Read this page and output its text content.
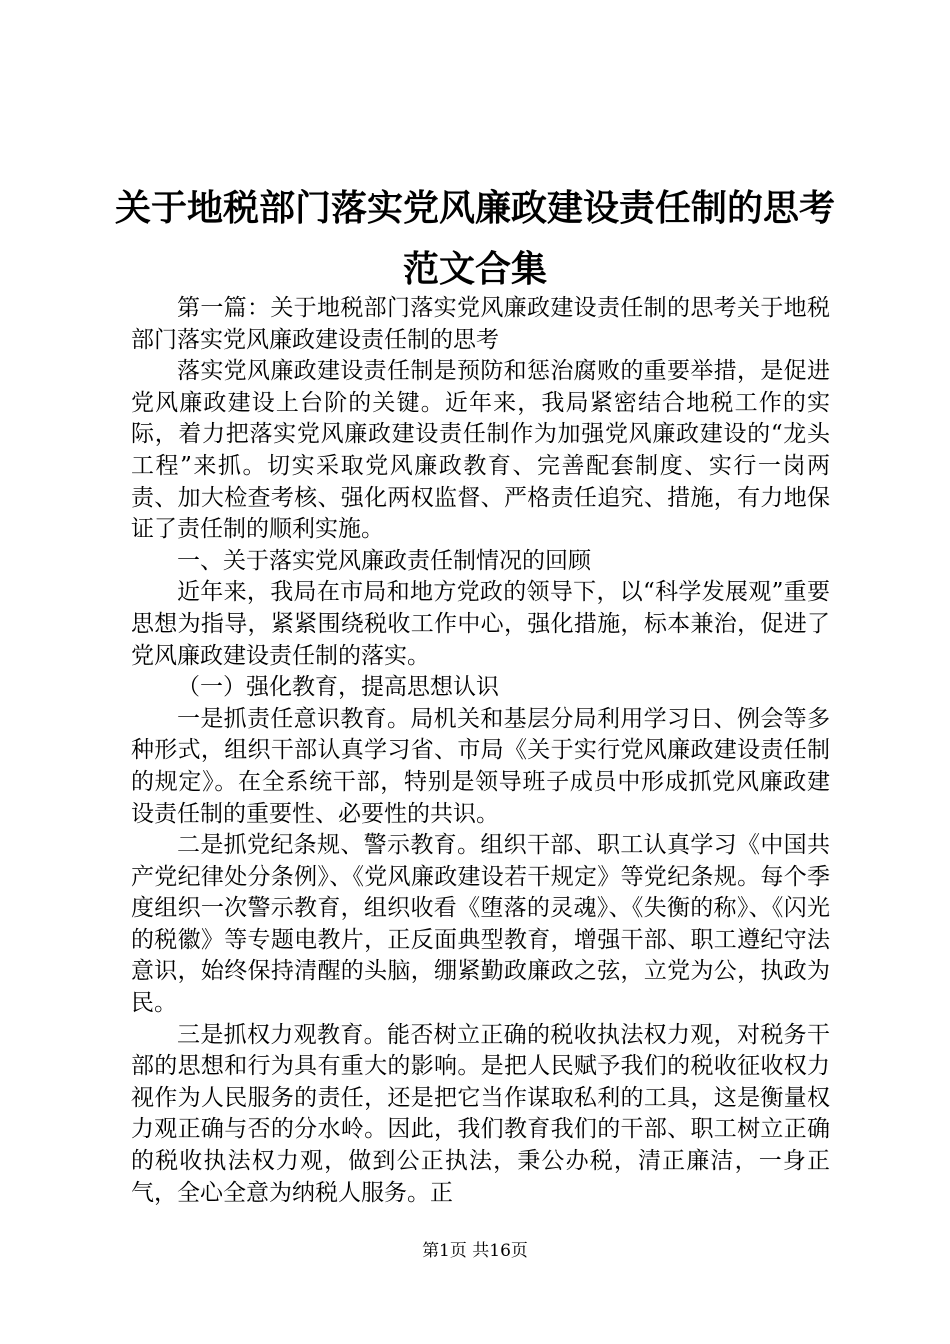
关于地税部门落实党风廉政建设责任制的思考
范文合集

第一篇：关于地税部门落实党风廉政建设责任制的思考关于地税部门落实党风廉政建设责任制的思考

落实党风廉政建设责任制是预防和惩治腐败的重要举措，是促进党风廉政建设上台阶的关键。近年来，我局紧密结合地税工作的实际，着力把落实党风廉政建设责任制作为加强党风廉政建设的“龙头工程”来抓。切实采取党风廉政教育、完善配套制度、实行一岗两责、加大检查考核、强化两权监督、严格责任追究、措施，有力地保证了责任制的顺利实施。

一、关于落实党风廉政责任制情况的回顾

近年来，我局在市局和地方党政的领导下，以“科学发展观”重要思想为指导，紧紧围绕税收工作中心，强化措施，标本兼治，促进了党风廉政建设责任制的落实。

（一）强化教育，提高思想认识

一是抓责任意识教育。局机关和基层分局利用学习日、例会等多种形式，组织干部认真学习省、市局《关于实行党风廉政建设责任制的规定》。在全系统干部，特别是领导班子成员中形成抓党风廉政建设责任制的重要性、必要性的共识。

二是抓党纪条规、警示教育。组织干部、职工认真学习《中国共产党纪律处分条例》、《党风廉政建设若干规定》等党纪条规。每个季度组织一次警示教育，组织收看《堕落的灵魂》、《失衡的称》、《闪光的税徽》等专题电教片，正反面典型教育，增强干部、职工遵纪守法意识，始终保持清醒的头脑，绷紧勤政廉政之弦，立党为公，执政为民。

三是抓权力观教育。能否树立正确的税收执法权力观，对税务干部的思想和行为具有重大的影响。是把人民赋予我们的税收征收权力视作为人民服务的责任，还是把它当作谋取私利的工具，这是衡量权力观正确与否的分水岭。因此，我们教育我们的干部、职工树立正确的税收执法权力观，做到公正执法，秉公办税，清正廉洁，一身正气，全心全意为纳税人服务。正

第1页 共16页
